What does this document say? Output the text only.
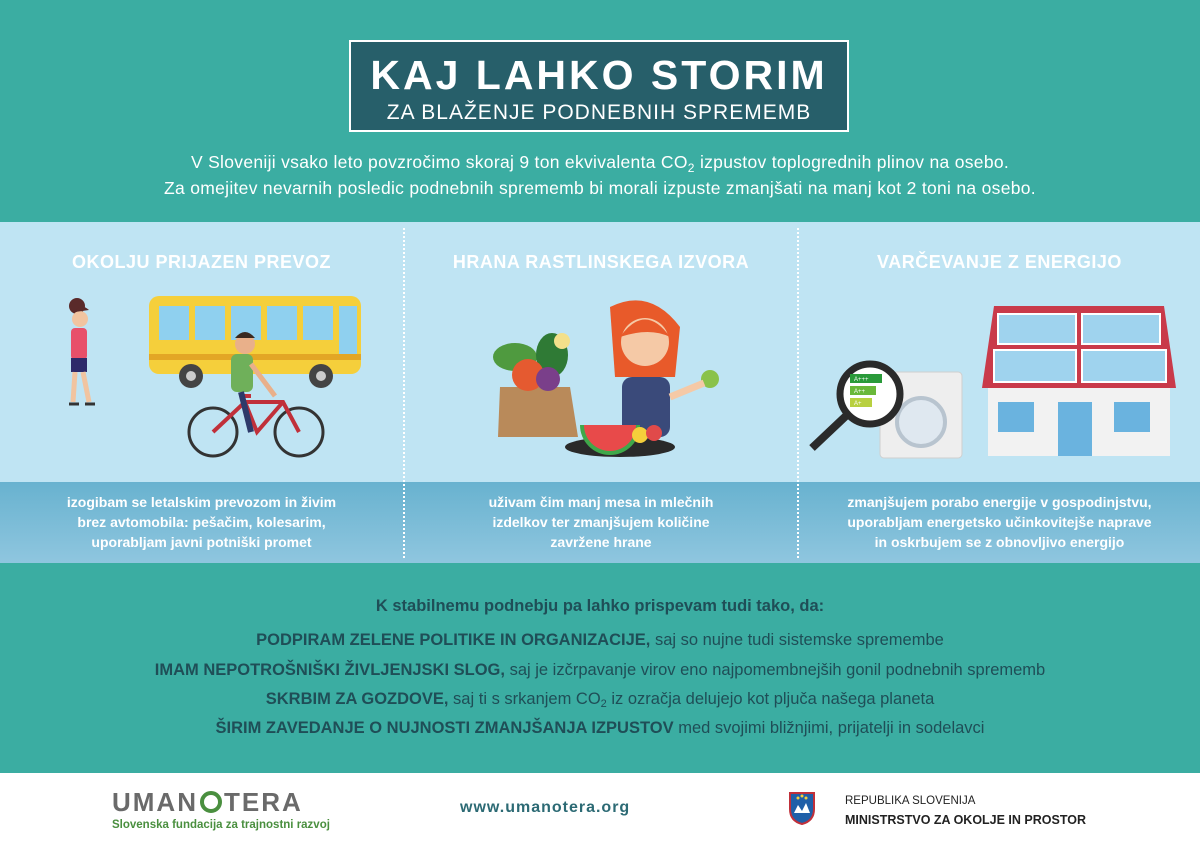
KAJ LAHKO STORIM
ZA BLAŽENJE PODNEBNIH SPREMEMB
V Sloveniji vsako leto povzročimo skoraj 9 ton ekvivalenta $CO_2$ izpustov toplogrednih plinov na osebo.
Za omejitev nevarnih posledic podnebnih sprememb bi morali izpuste zmanjšati na manj kot 2 toni na osebo.
OKOLJU PRIJAZEN PREVOZ
izogibam se letalskim prevozom in živim
brez avtomobila: pešačim, kolesarim,
uporabljam javni potniški promet
HRANA RASTLINSKEGA IZVORA
uživam čim manj mesa in mlečnih
izdelkov ter zmanjšujem količine
zavržene hrane
VARČEVANJE Z ENERGIJO
A+++
A++
A+
zmanjšujem porabo energije v gospodinjstvu,
uporabljam energetsko učinkovitejše naprave
in oskrbujem se z obnovljivo energijo
K stabilnemu podnebju pa lahko prispevam tudi tako, da:
PODPIRAM ZELENE POLITIKE IN ORGANIZACIJE, saj so nujne tudi sistemske spremembe
IMAM NEPOTROŠNIŠKI ŽIVLJENJSKI SLOG, saj je izčrpavanje virov eno najpomembnejših gonil podnebnih sprememb
SKRBIM ZA GOZDOVE, saj ti s srkanjem $CO_2$ iz ozračja delujejo kot pljuča našega planeta
ŠIRIM ZAVEDANJE O NUJNOSTI ZMANJŠANJA IZPUSTOV med svojimi bližnjimi, prijatelji in sodelavci
UMAN TERA
Slovenska fundacija za trajnostni razvoj
www.umanotera.org	REPUBLIKA SLOVENIJA
MINISTRSTVO ZA OKOLJE IN PROSTOR
